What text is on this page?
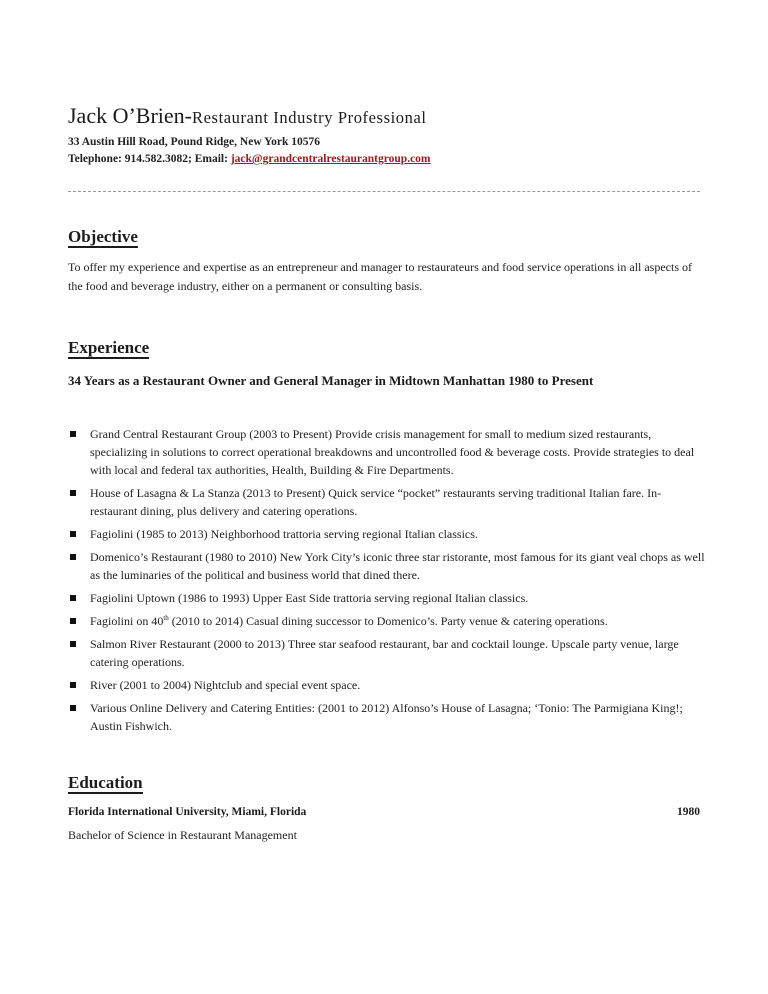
Jack O’Brien-Restaurant Industry Professional
33 Austin Hill Road, Pound Ridge, New York 10576
Telephone: 914.582.3082; Email: jack@grandcentralrestaurantgroup.com
Objective
To offer my experience and expertise as an entrepreneur and manager to restaurateurs and food service operations in all aspects of the food and beverage industry, either on a permanent or consulting basis.
Experience
34 Years as a Restaurant Owner and General Manager in Midtown Manhattan 1980 to Present
Grand Central Restaurant Group (2003 to Present) Provide crisis management for small to medium sized restaurants, specializing in solutions to correct operational breakdowns and uncontrolled food & beverage costs. Provide strategies to deal with local and federal tax authorities, Health, Building & Fire Departments.
House of Lasagna & La Stanza (2013 to Present) Quick service “pocket” restaurants serving traditional Italian fare. In-restaurant dining, plus delivery and catering operations.
Fagiolini (1985 to 2013) Neighborhood trattoria serving regional Italian classics.
Domenico’s Restaurant (1980 to 2010) New York City’s iconic three star ristorante, most famous for its giant veal chops as well as the luminaries of the political and business world that dined there.
Fagiolini Uptown (1986 to 1993) Upper East Side trattoria serving regional Italian classics.
Fagiolini on 40th (2010 to 2014) Casual dining successor to Domenico’s. Party venue & catering operations.
Salmon River Restaurant (2000 to 2013) Three star seafood restaurant, bar and cocktail lounge. Upscale party venue, large catering operations.
River (2001 to 2004) Nightclub and special event space.
Various Online Delivery and Catering Entities: (2001 to 2012) Alfonso’s House of Lasagna; ‘Tonio: The Parmigiana King!; Austin Fishwich.
Education
Florida International University, Miami, Florida	1980
Bachelor of Science in Restaurant Management
